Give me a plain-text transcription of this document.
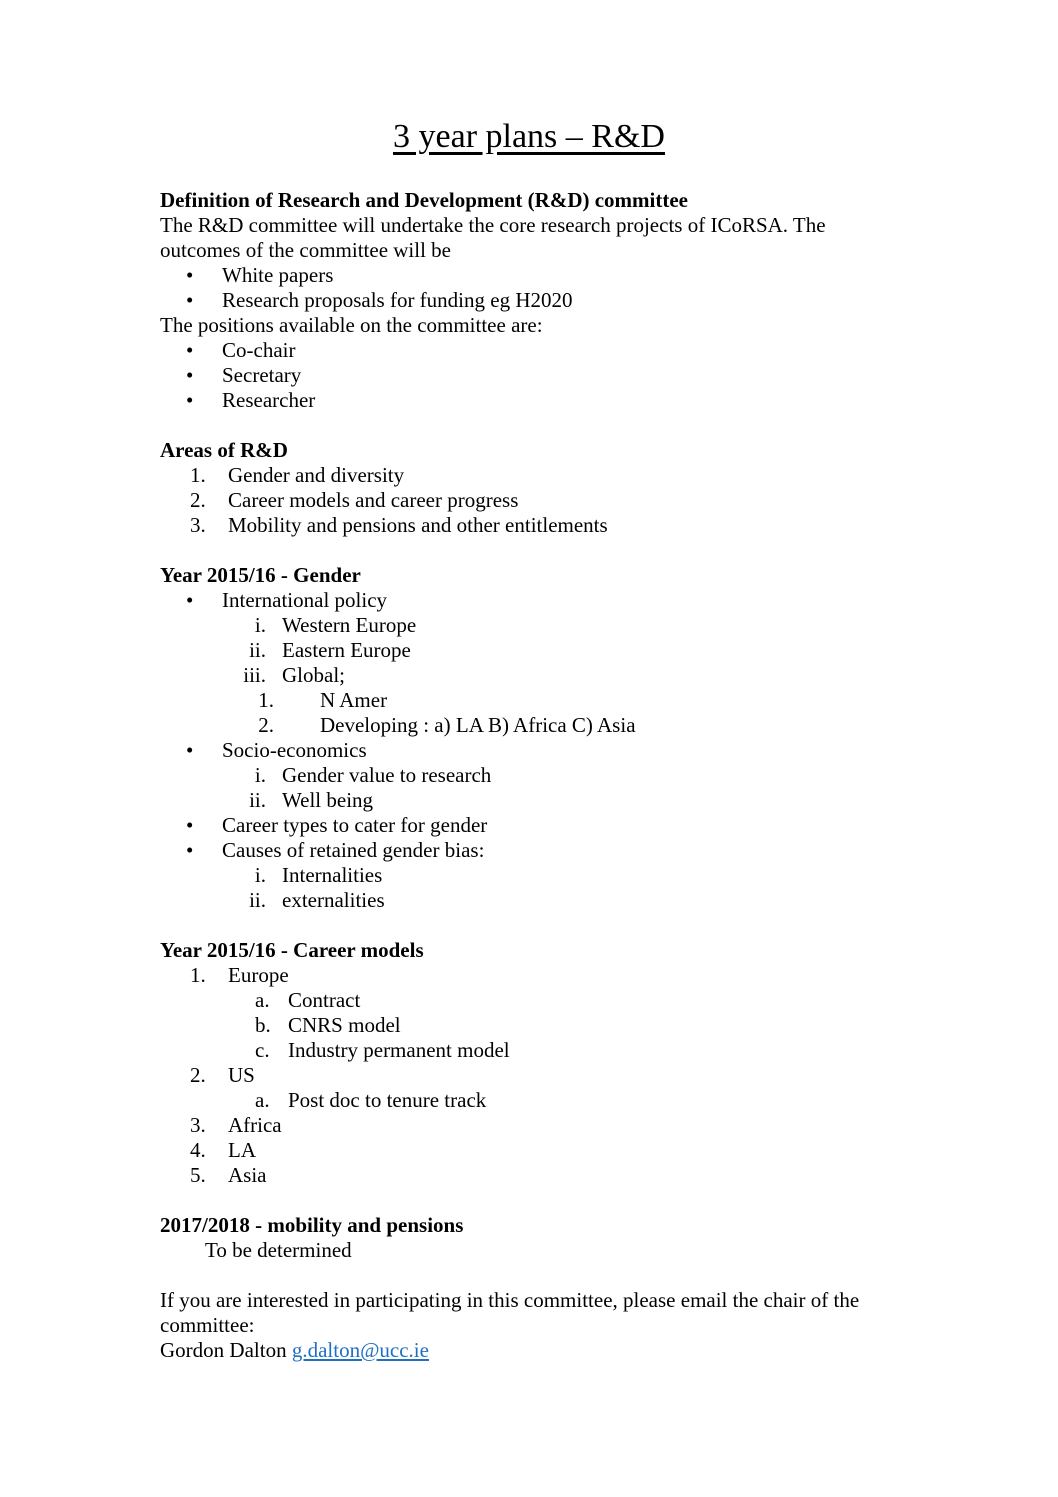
3 year plans – R&D
Definition of Research and Development (R&D) committee
The R&D committee will undertake the core research projects of ICoRSA. The
outcomes of the committee will be
•	White papers
•	Research proposals for funding eg H2020
The positions available on the committee are:
•	Co-chair
•	Secretary
•	Researcher
Areas of R&D
1.	Gender and diversity
2.	Career models and career progress
3.	Mobility and pensions and other entitlements
Year 2015/16 - Gender
•	International policy
i. Western Europe
ii. Eastern Europe
iii. Global;
1.	N Amer
2.	Developing : a) LA B) Africa C) Asia
•	Socio-economics
i. Gender value to research
ii. Well being
•	Career types to cater for gender
•	Causes of retained gender bias:
i. Internalities
ii. externalities
Year 2015/16 - Career models
1.	Europe
a. Contract
b. CNRS model
c. Industry permanent model
2.	US
a. Post doc to tenure track
3.	Africa
4.	LA
5.	Asia
2017/2018 - mobility and pensions
To be determined
If you are interested in participating in this committee, please email the chair of the
committee:
Gordon Dalton g.dalton@ucc.ie
